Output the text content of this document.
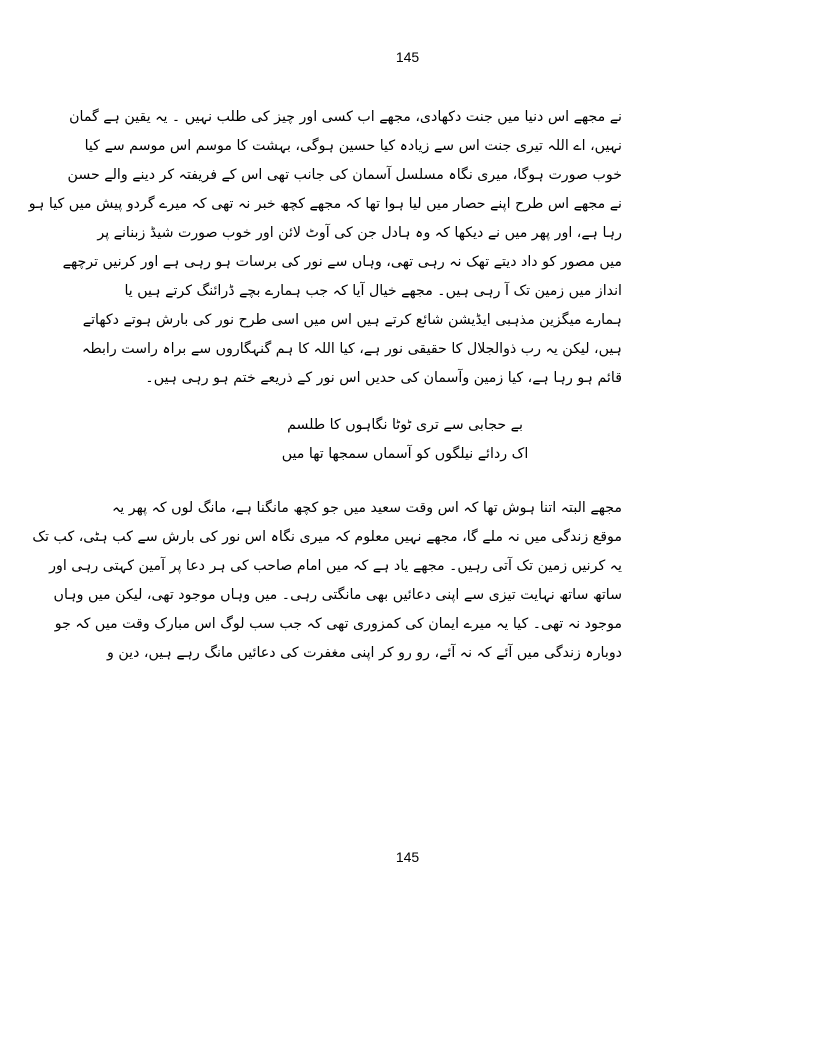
145
نے مجھے اس دنیا میں جنت دکھادی، مجھے اب کسی اور چیز کی طلب نہیں ۔ یہ یقین ہے گمان
نہیں، اے اللہ تیری جنت اس سے زیادہ کیا حسین ہوگی، بہشت کا موسم اس موسم سے کیا
خوب صورت ہوگا، میری نگاہ مسلسل آسمان کی جانب تھی اس کے فریفتہ کر دینے والے حسن
نے مجھے اس طرح اپنے حصار میں لیا ہوا تھا کہ مجھے کچھ خبر نہ تھی کہ میرے گردو پیش میں کیا ہو
رہا ہے، اور پھر میں نے دیکھا کہ وہ ہادل جن کی آوٹ لائن اور خوب صورت شیڈ زبنانے پر
میں مصور کو داد دیتے تھک نہ رہی تھی، وہاں سے نور کی برسات ہو رہی ہے اور کرنیں ترچھے
انداز میں زمین تک آ رہی ہیں۔ مجھے خیال آیا کہ جب ہمارے بچے ڈرائنگ کرتے ہیں یا
ہمارے میگزین مذہبی ایڈیشن شائع کرتے ہیں اس میں اسی طرح نور کی بارش ہوتے دکھاتے
ہیں، لیکن یہ رب ذوالجلال کا حقیقی نور ہے، کیا اللہ کا ہم گنہگاروں سے براہ راست رابطہ
قائم ہو رہا ہے، کیا زمین وآسمان کی حدیں اس نور کے ذریعے ختم ہو رہی ہیں۔
بے حجابی سے تری ٹوٹا نگاہوں کا طلسم
اک ردائے نیلگوں کو آسماں سمجھا تھا میں
مجھے البتہ اتنا ہوش تھا کہ اس وقت سعید میں جو کچھ مانگنا ہے، مانگ لوں کہ پھر یہ
موقع زندگی میں نہ ملے گا، مجھے نہیں معلوم کہ میری نگاہ اس نور کی بارش سے کب ہٹی، کب تک
یہ کرنیں زمین تک آتی رہیں۔ مجھے یاد ہے کہ میں امام صاحب کی ہر دعا پر آمین کہتی رہی اور
ساتھ ساتھ نہایت تیزی سے اپنی دعائیں بھی مانگتی رہی۔ میں وہاں موجود تھی، لیکن میں وہاں
موجود نہ تھی۔ کیا یہ میرے ایمان کی کمزوری تھی کہ جب سب لوگ اس مبارک وقت میں کہ جو
دوبارہ زندگی میں آئے کہ نہ آئے، رو رو کر اپنی مغفرت کی دعائیں مانگ رہے ہیں، دین و
145
